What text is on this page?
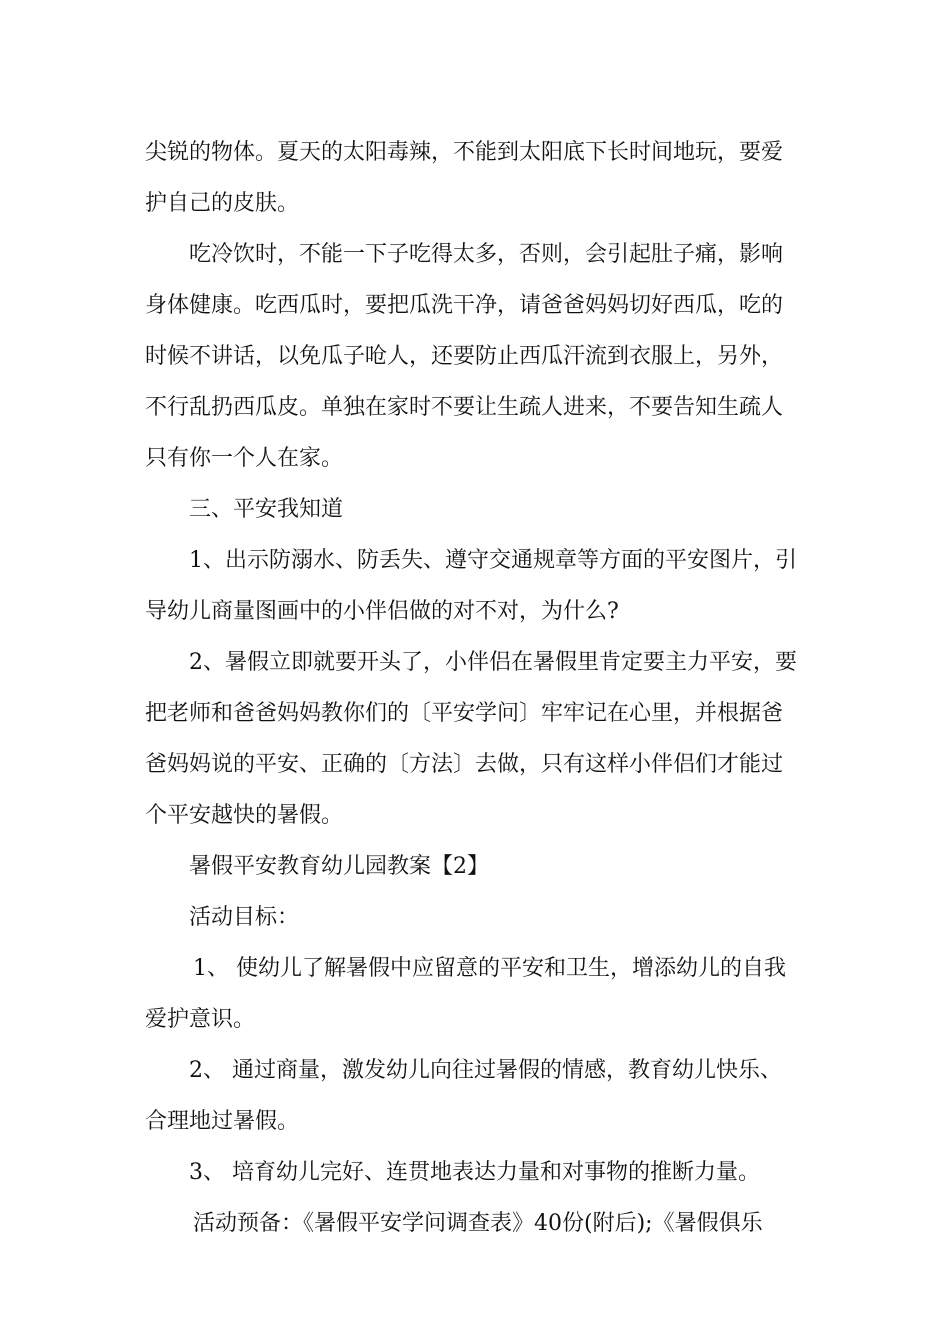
尖锐的物体。夏天的太阳毒辣，不能到太阳底下长时间地玩，要爱

护自己的皮肤。

吃冷饮时，不能一下子吃得太多，否则，会引起肚子痛，影响

身体健康。吃西瓜时，要把瓜洗干净，请爸爸妈妈切好西瓜，吃的

时候不讲话，以免瓜子呛人，还要防止西瓜汗流到衣服上，另外，

不行乱扔西瓜皮。单独在家时不要让生疏人进来，不要告知生疏人

只有你一个人在家。

三、平安我知道

1、出示防溺水、防丢失、遵守交通规章等方面的平安图片，引

导幼儿商量图画中的小伴侣做的对不对，为什么?

2、暑假立即就要开头了，小伴侣在暑假里肯定要主力平安，要

把老师和爸爸妈妈教你们的〔平安学问〕牢牢记在心里，并根据爸

爸妈妈说的平安、正确的〔方法〕去做，只有这样小伴侣们才能过

个平安越快的暑假。

暑假平安教育幼儿园教案【2】

活动目标：

1、 使幼儿了解暑假中应留意的平安和卫生，增添幼儿的自我

爱护意识。

2、 通过商量，激发幼儿向往过暑假的情感，教育幼儿快乐、

合理地过暑假。

3、 培育幼儿完好、连贯地表达力量和对事物的推断力量。

活动预备：《暑假平安学问调查表》40份(附后);《暑假俱乐
